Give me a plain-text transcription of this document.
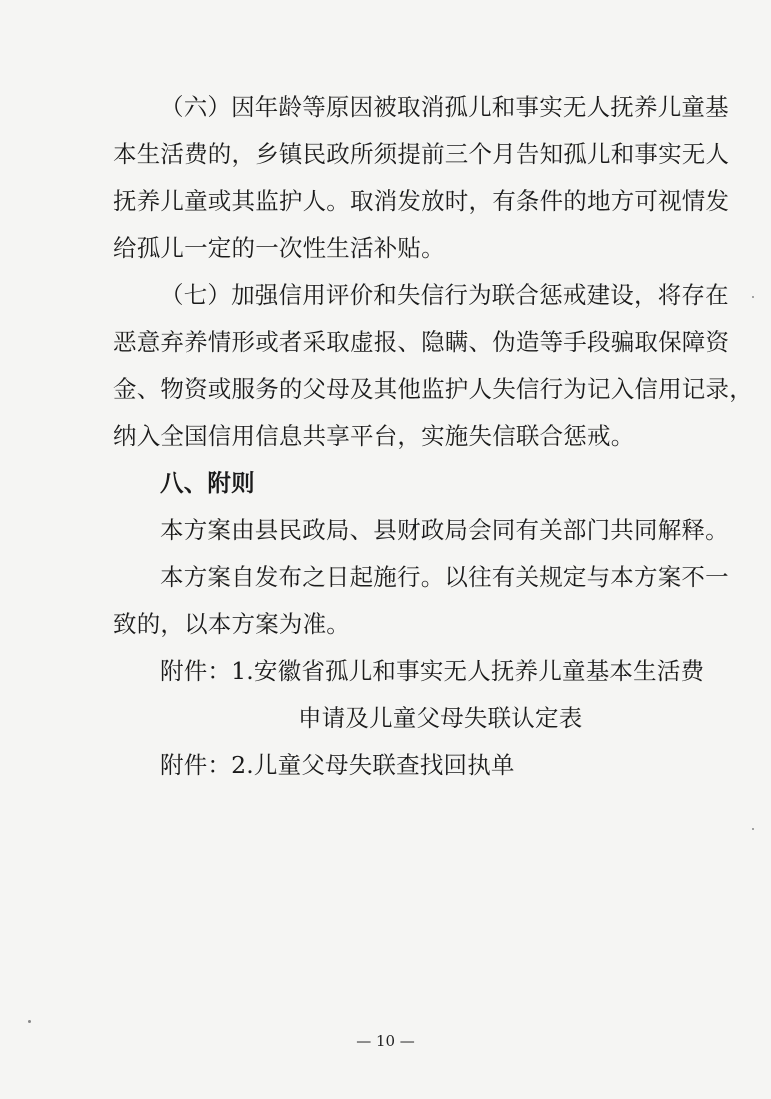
（六）因年龄等原因被取消孤儿和事实无人抚养儿童基
本生活费的，乡镇民政所须提前三个月告知孤儿和事实无人
抚养儿童或其监护人。取消发放时，有条件的地方可视情发
给孤儿一定的一次性生活补贴。
（七）加强信用评价和失信行为联合惩戒建设，将存在
恶意弃养情形或者采取虚报、隐瞒、伪造等手段骗取保障资
金、物资或服务的父母及其他监护人失信行为记入信用记录，
纳入全国信用信息共享平台，实施失信联合惩戒。
八、附则
本方案由县民政局、县财政局会同有关部门共同解释。
本方案自发布之日起施行。以往有关规定与本方案不一
致的，以本方案为准。
附件：1.安徽省孤儿和事实无人抚养儿童基本生活费
申请及儿童父母失联认定表
附件：2.儿童父母失联查找回执单
— 10 —
